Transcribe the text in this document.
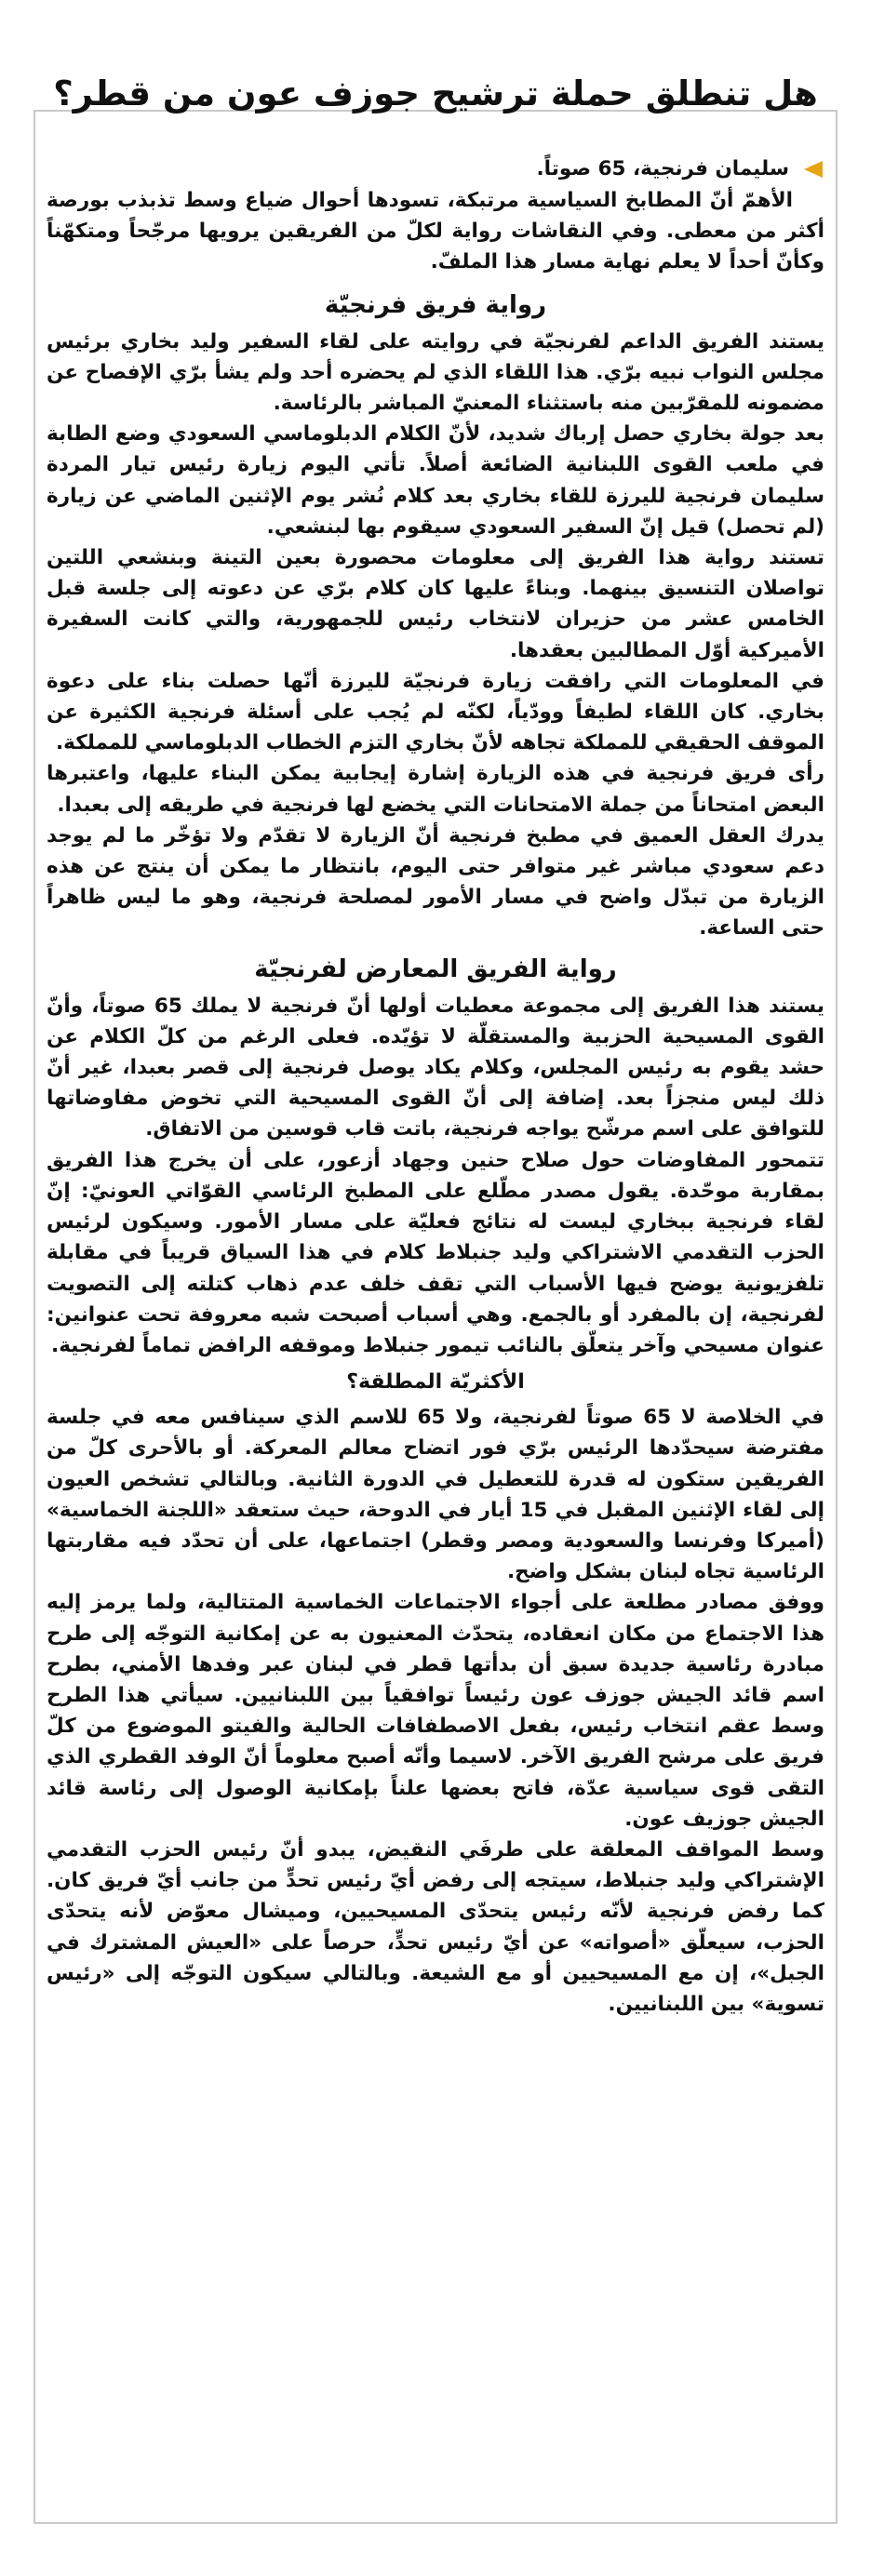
هل تنطلق حملة ترشيح جوزف عون من قطر؟
سليمان فرنجية، 65 صوتاً.

الأهمّ أنّ المطابخ السياسية مرتبكة، تسودها أحوال ضياع وسط تذبذب بورصة أكثر من معطى. وفي النقاشات رواية لكلّ من الفريقين يرويها مرجّحاً ومتكهّناً وكأنّ أحداً لا يعلم نهاية مسار هذا الملفّ.

رواية فريق فرنجيّة

يستند الفريق الداعم لفرنجيّة في روايته على لقاء السفير وليد بخاري برئيس مجلس النواب نبيه برّي. هذا اللقاء الذي لم يحضره أحد ولم يشأ برّي الإفصاح عن مضمونه للمقرّبين منه باستثناء المعنيّ المباشر بالرئاسة.

بعد جولة بخاري حصل إرباك شديد، لأنّ الكلام الدبلوماسي السعودي وضع الطابة في ملعب القوى اللبنانية الضائعة أصلاً. تأتي اليوم زيارة رئيس تيار المردة سليمان فرنجية لليرزة للقاء بخاري بعد كلام نُشر يوم الإثنين الماضي عن زيارة (لم تحصل) قيل إنّ السفير السعودي سيقوم بها لبنشعي.

تستند رواية هذا الفريق إلى معلومات محصورة بعين التينة وبنشعي اللتين تواصلان التنسيق بينهما. وبناءً عليها كان كلام برّي عن دعوته إلى جلسة قبل الخامس عشر من حزيران لانتخاب رئيس للجمهورية، والتي كانت السفيرة الأميركية أوّل المطالبين بعقدها.

في المعلومات التي رافقت زيارة فرنجيّة لليرزة أنّها حصلت بناء على دعوة بخاري. كان اللقاء لطيفاً وودّياً، لكنّه لم يُجب على أسئلة فرنجية الكثيرة عن الموقف الحقيقي للمملكة تجاهه لأنّ بخاري التزم الخطاب الدبلوماسي للمملكة.

رأى فريق فرنجية في هذه الزيارة إشارة إيجابية يمكن البناء عليها، واعتبرها البعض امتحاناً من جملة الامتحانات التي يخضع لها فرنجية في طريقه إلى بعبدا.

يدرك العقل العميق في مطبخ فرنجية أنّ الزيارة لا تقدّم ولا تؤخّر ما لم يوجد دعم سعودي مباشر غير متوافر حتى اليوم، بانتظار ما يمكن أن ينتج عن هذه الزيارة من تبدّل واضح في مسار الأمور لمصلحة فرنجية، وهو ما ليس ظاهراً حتى الساعة.

رواية الفريق المعارض لفرنجيّة

يستند هذا الفريق إلى مجموعة معطيات أولها أنّ فرنجية لا يملك 65 صوتاً، وأنّ القوى المسيحية الحزبية والمستقلّة لا تؤيّده. فعلى الرغم من كلّ الكلام عن حشد يقوم به رئيس المجلس، وكلام يكاد يوصل فرنجية إلى قصر بعبدا، غير أنّ ذلك ليس منجزاً بعد. إضافة إلى أنّ القوى المسيحية التي تخوض مفاوضاتها للتوافق على اسم مرشّح يواجه فرنجية، باتت قاب قوسين من الاتفاق.

تتمحور المفاوضات حول صلاح حنين وجهاد أزعور، على أن يخرج هذا الفريق بمقاربة موحّدة. يقول مصدر مطّلع على المطبخ الرئاسي القوّاتي العونيّ: إنّ لقاء فرنجية ببخاري ليست له نتائج فعليّة على مسار الأمور. وسيكون لرئيس الحزب التقدمي الاشتراكي وليد جنبلاط كلام في هذا السياق قريباً في مقابلة تلفزيونية يوضح فيها الأسباب التي تقف خلف عدم ذهاب كتلته إلى التصويت لفرنجية، إن بالمفرد أو بالجمع. وهي أسباب أصبحت شبه معروفة تحت عنوانين: عنوان مسيحي وآخر يتعلّق بالنائب تيمور جنبلاط وموقفه الرافض تماماً لفرنجية.

الأكثريّة المطلقة؟

في الخلاصة لا 65 صوتاً لفرنجية، ولا 65 للاسم الذي سينافس معه في جلسة مفترضة سيحدّدها الرئيس برّي فور اتضاح معالم المعركة. أو بالأحرى كلّ من الفريقين ستكون له قدرة للتعطيل في الدورة الثانية. وبالتالي تشخص العيون إلى لقاء الإثنين المقبل في 15 أيار في الدوحة، حيث ستعقد «اللجنة الخماسية» (أميركا وفرنسا والسعودية ومصر وقطر) اجتماعها، على أن تحدّد فيه مقاربتها الرئاسية تجاه لبنان بشكل واضح.

ووفق مصادر مطلعة على أجواء الاجتماعات الخماسية المتتالية، ولما يرمز إليه هذا الاجتماع من مكان انعقاده، يتحدّث المعنيون به عن إمكانية التوجّه إلى طرح مبادرة رئاسية جديدة سبق أن بدأتها قطر في لبنان عبر وفدها الأمني، بطرح اسم قائد الجيش جوزف عون رئيساً توافقياً بين اللبنانيين. سيأتي هذا الطرح وسط عقم انتخاب رئيس، بفعل الاصطفافات الحالية والفيتو الموضوع من كلّ فريق على مرشح الفريق الآخر. لاسيما وأنّه أصبح معلوماً أنّ الوفد القطري الذي التقى قوى سياسية عدّة، فاتح بعضها علناً بإمكانية الوصول إلى رئاسة قائد الجيش جوزيف عون.

وسط المواقف المعلقة على طرفَي النقيض، يبدو أنّ رئيس الحزب التقدمي الإشتراكي وليد جنبلاط، سيتجه إلى رفض أيّ رئيس تحدٍّ من جانب أيّ فريق كان. كما رفض فرنجية لأنّه رئيس يتحدّى المسيحيين، وميشال معوّض لأنه يتحدّى الحزب، سيعلّق «أصواته» عن أيّ رئيس تحدٍّ، حرصاً على «العيش المشترك في الجبل»، إن مع المسيحيين أو مع الشيعة. وبالتالي سيكون التوجّه إلى «رئيس تسوية» بين اللبنانيين.
